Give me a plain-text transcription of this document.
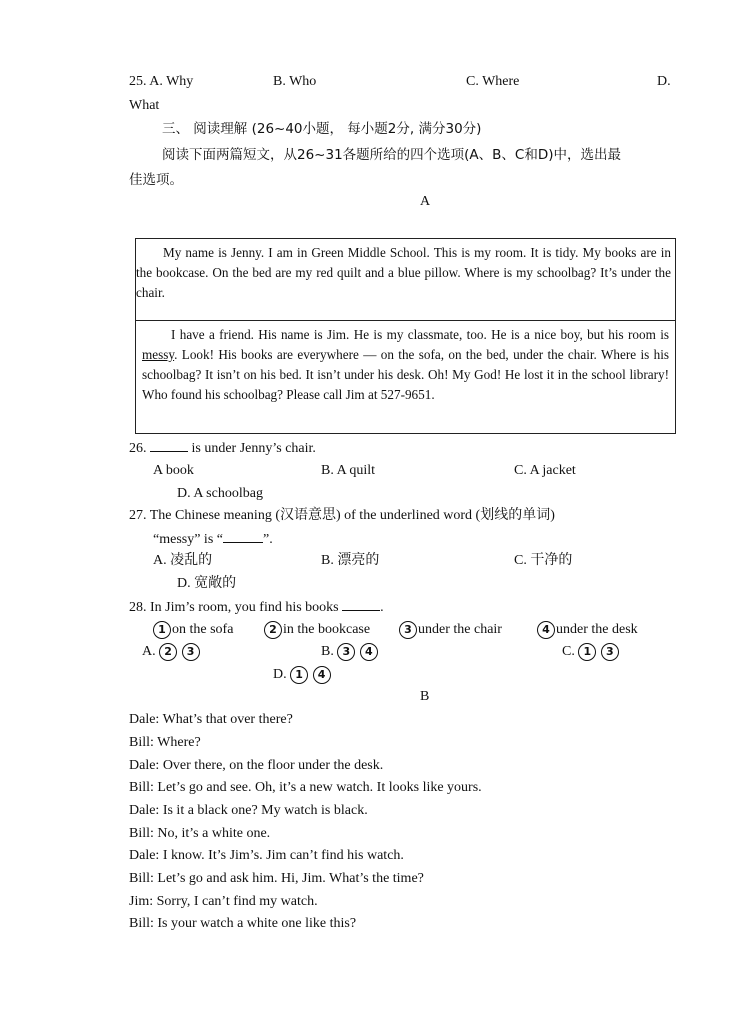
25. A. Why	B. Who	C. Where	D.
What
三、 阅读理解 (26~40小题， 每小题2分, 满分30分)
阅读下面两篇短文，从26~31各题所给的四个选项(A、B、C和D)中，选出最
佳选项。
A
My name is Jenny. I am in Green Middle School. This is my room. It is tidy. My books are in the bookcase. On the bed are my red quilt and a blue pillow. Where is my schoolbag? It’s under the chair.
I have a friend. His name is Jim. He is my classmate, too. He is a nice boy, but his room is messy. Look! His books are everywhere — on the sofa, on the bed, under the chair. Where is his schoolbag? It isn’t on his bed. It isn’t under his desk. Oh! My God! He lost it in the school library! Who found his schoolbag? Please call Jim at 527-9651.
26.	is under Jenny’s chair.
A book	B. A quilt	C. A jacket
D. A schoolbag
27. The Chinese meaning (汉语意思) of the underlined word (划线的单词)
“messy” is “	”.
A. 凌乱的	B. 漂亮的	C. 干净的
D. 宽敞的
28. In Jim’s room, you find his books	.
1 on the sofa	2 in the bookcase	3 under the chair	4 under the desk
A. 2 3	B. 3 4	C. 1 3
D. 1 4
B
Dale: What’s that over there?
Bill: Where?
Dale: Over there, on the floor under the desk.
Bill: Let’s go and see. Oh, it’s a new watch. It looks like yours.
Dale: Is it a black one? My watch is black.
Bill: No, it’s a white one.
Dale: I know. It’s Jim’s. Jim can’t find his watch.
Bill: Let’s go and ask him. Hi, Jim. What’s the time?
Jim: Sorry, I can’t find my watch.
Bill: Is your watch a white one like this?
